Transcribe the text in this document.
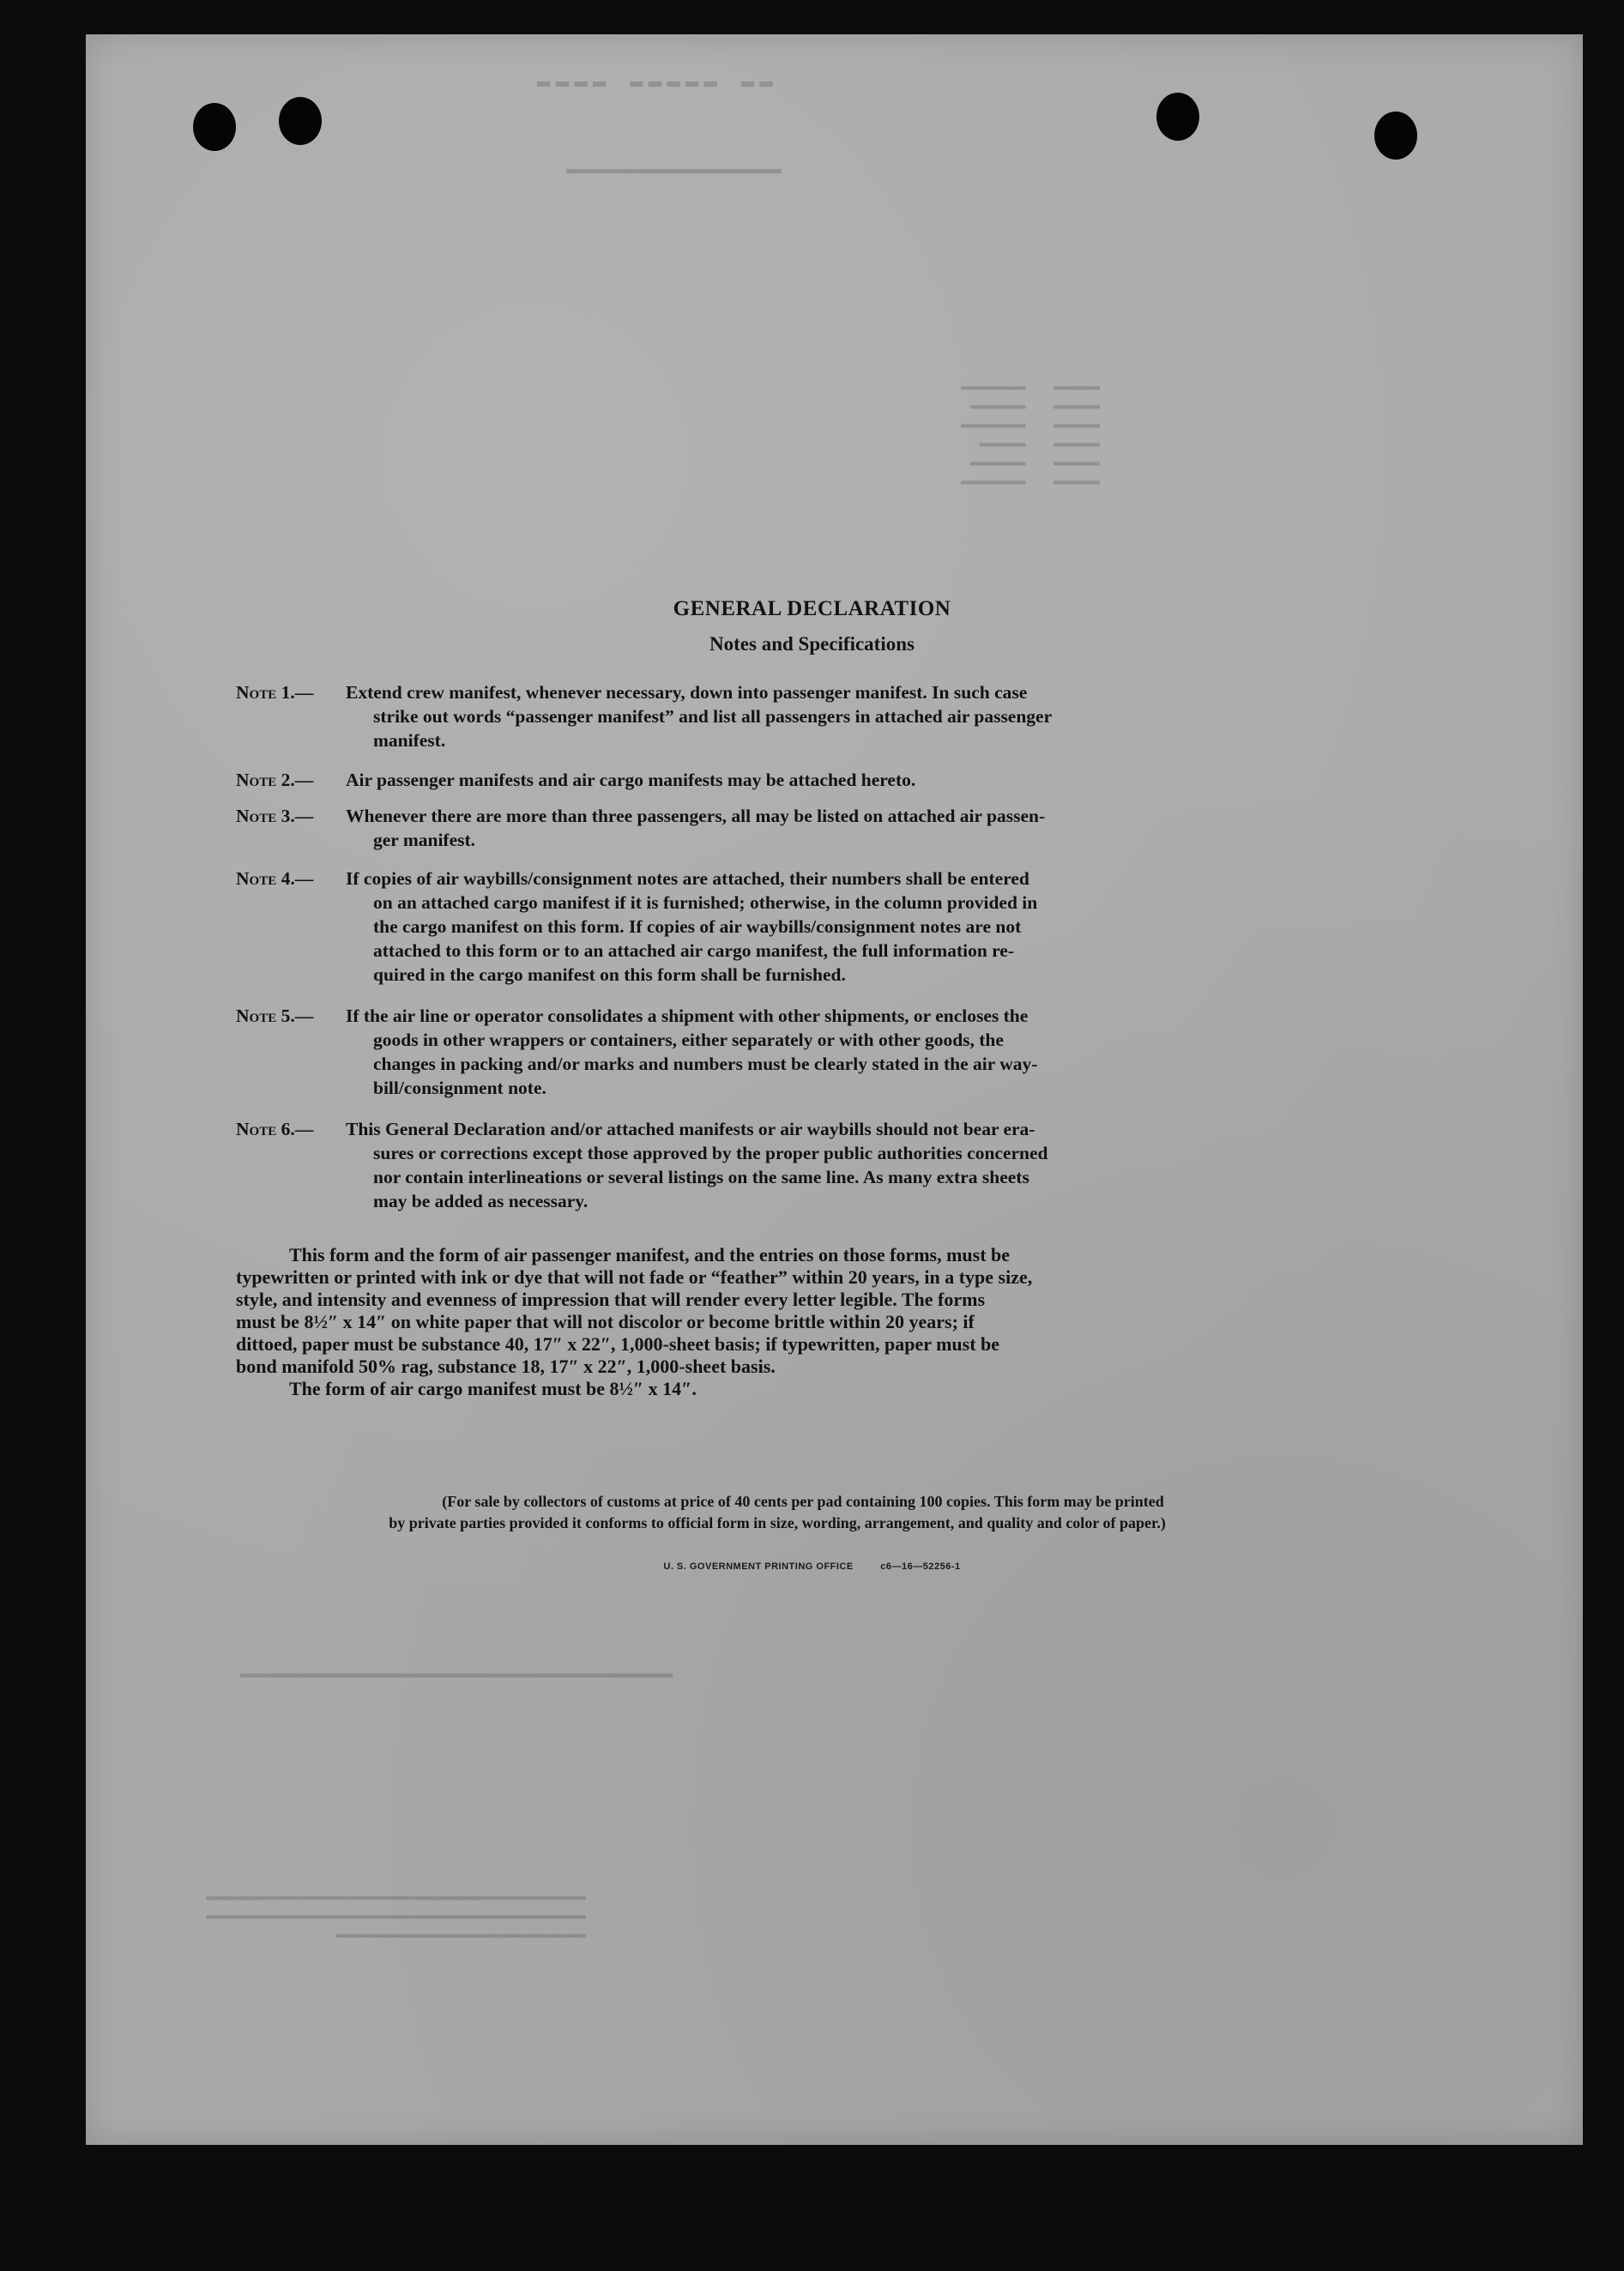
▬▬ ▬▬▬▬▬ ▬▬▬▬
▬▬▬▬▬▬▬▬▬▬▬▬▬▬▬▬▬▬▬
▬▬▬▬▬   ▬▬▬▬▬▬▬
▬▬▬▬▬   ▬▬▬▬▬▬
▬▬▬▬▬   ▬▬▬▬▬▬▬
▬▬▬▬▬   ▬▬▬▬▬
▬▬▬▬▬   ▬▬▬▬▬▬
▬▬▬▬▬   ▬▬▬▬▬▬▬
▬▬▬▬▬▬▬▬▬▬▬▬▬▬▬▬▬▬▬▬▬▬▬▬▬▬▬▬▬▬▬▬▬▬▬▬▬▬▬▬▬▬
▬▬▬▬▬▬▬▬▬▬▬▬▬▬▬▬▬▬▬▬▬▬▬▬▬▬▬▬▬▬▬▬▬▬▬▬▬▬▬▬▬
▬▬▬▬▬▬▬▬▬▬▬▬▬▬▬▬▬▬▬▬▬▬▬▬▬▬▬▬▬▬▬▬▬▬▬▬▬▬▬▬▬
▬▬▬▬▬▬▬▬▬▬▬▬▬▬▬▬▬▬▬▬▬▬▬▬▬▬▬
GENERAL DECLARATION
Notes and Specifications
Note 1.—	Extend crew manifest, whenever necessary, down into passenger manifest. In such case
strike out words “passenger manifest” and list all passengers in attached air passenger
manifest.
Note 2.—	Air passenger manifests and air cargo manifests may be attached hereto.
Note 3.—	Whenever there are more than three passengers, all may be listed on attached air passen-
ger manifest.
Note 4.—	If copies of air waybills/consignment notes are attached, their numbers shall be entered
on an attached cargo manifest if it is furnished; otherwise, in the column provided in
the cargo manifest on this form. If copies of air waybills/consignment notes are not
attached to this form or to an attached air cargo manifest, the full information re-
quired in the cargo manifest on this form shall be furnished.
Note 5.—	If the air line or operator consolidates a shipment with other shipments, or encloses the
goods in other wrappers or containers, either separately or with other goods, the
changes in packing and/or marks and numbers must be clearly stated in the air way-
bill/consignment note.
Note 6.—	This General Declaration and/or attached manifests or air waybills should not bear era-
sures or corrections except those approved by the proper public authorities concerned
nor contain interlineations or several listings on the same line. As many extra sheets
may be added as necessary.
This form and the form of air passenger manifest, and the entries on those forms, must be
typewritten or printed with ink or dye that will not fade or “feather” within 20 years, in a type size,
style, and intensity and evenness of impression that will render every letter legible. The forms
must be 8½″ x 14″ on white paper that will not discolor or become brittle within 20 years; if
dittoed, paper must be substance 40, 17″ x 22″, 1,000-sheet basis; if typewritten, paper must be
bond manifold 50% rag, substance 18, 17″ x 22″, 1,000-sheet basis.
The form of air cargo manifest must be 8½″ x 14″.
(For sale by collectors of customs at price of 40 cents per pad containing 100 copies. This form may be printed
by private parties provided it conforms to official form in size, wording, arrangement, and quality and color of paper.)
U. S. GOVERNMENT PRINTING OFFICE	c6—16—52256-1
